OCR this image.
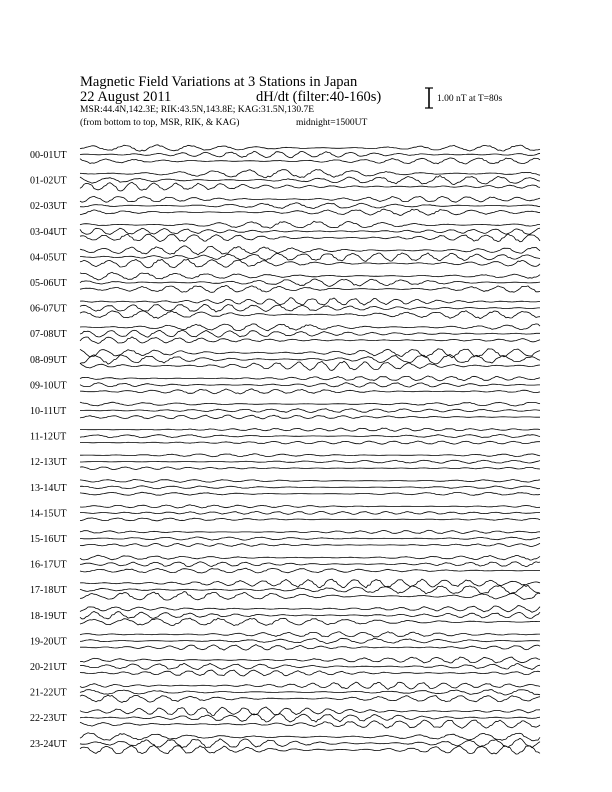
Magnetic Field Variations at 3 Stations in Japan
22 August 2011	dH/dt (filter:40-160s)
MSR:44.4N,142.3E; RIK:43.5N,143.8E; KAG:31.5N,130.7E
(from bottom to top, MSR, RIK, & KAG)	midnight=1500UT
1.00 nT at T=80s
00-01UT
01-02UT
02-03UT
03-04UT
04-05UT
05-06UT
06-07UT
07-08UT
08-09UT
09-10UT
10-11UT
11-12UT
12-13UT
13-14UT
14-15UT
15-16UT
16-17UT
17-18UT
18-19UT
19-20UT
20-21UT
21-22UT
22-23UT
23-24UT
